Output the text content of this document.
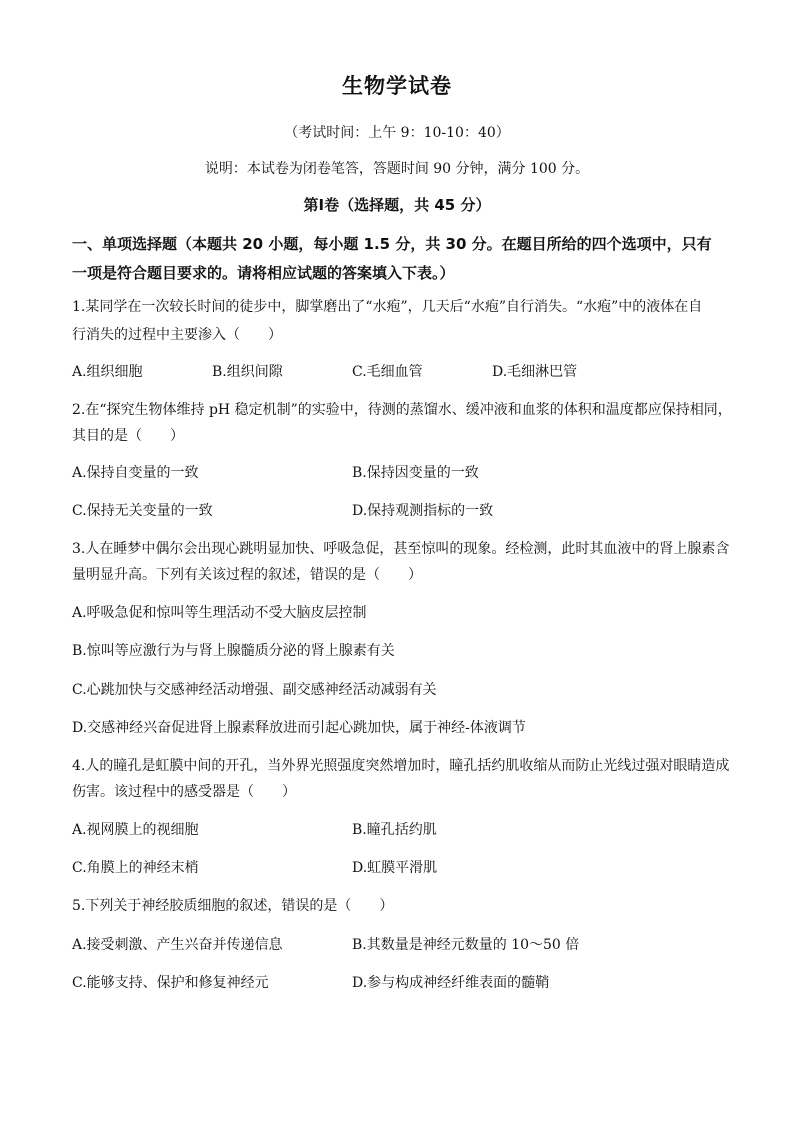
生物学试卷
（考试时间：上午 9：10-10：40）
说明：本试卷为闭卷笔答，答题时间 90 分钟，满分 100 分。
第Ⅰ卷（选择题，共 45 分）
一、单项选择题（本题共 20 小题，每小题 1.5 分，共 30 分。在题目所给的四个选项中，只有
一项是符合题目要求的。请将相应试题的答案填入下表。）
1.某同学在一次较长时间的徒步中，脚掌磨出了“水疱”，几天后“水疱”自行消失。“水疱”中的液体在自
行消失的过程中主要渗入（　　）
A.组织细胞	B.组织间隙	C.毛细血管	D.毛细淋巴管
2.在“探究生物体维持 pH 稳定机制”的实验中，待测的蒸馏水、缓冲液和血浆的体积和温度都应保持相同，
其目的是（　　）
A.保持自变量的一致	B.保持因变量的一致
C.保持无关变量的一致	D.保持观测指标的一致
3.人在睡梦中偶尔会出现心跳明显加快、呼吸急促，甚至惊叫的现象。经检测，此时其血液中的肾上腺素含
量明显升高。下列有关该过程的叙述，错误的是（　　）
A.呼吸急促和惊叫等生理活动不受大脑皮层控制
B.惊叫等应激行为与肾上腺髓质分泌的肾上腺素有关
C.心跳加快与交感神经活动增强、副交感神经活动减弱有关
D.交感神经兴奋促进肾上腺素释放进而引起心跳加快，属于神经-体液调节
4.人的瞳孔是虹膜中间的开孔，当外界光照强度突然增加时，瞳孔括约肌收缩从而防止光线过强对眼睛造成
伤害。该过程中的感受器是（　　）
A.视网膜上的视细胞	B.瞳孔括约肌
C.角膜上的神经末梢	D.虹膜平滑肌
5.下列关于神经胶质细胞的叙述，错误的是（　　）
A.接受刺激、产生兴奋并传递信息	B.其数量是神经元数量的 10～50 倍
C.能够支持、保护和修复神经元	D.参与构成神经纤维表面的髓鞘
